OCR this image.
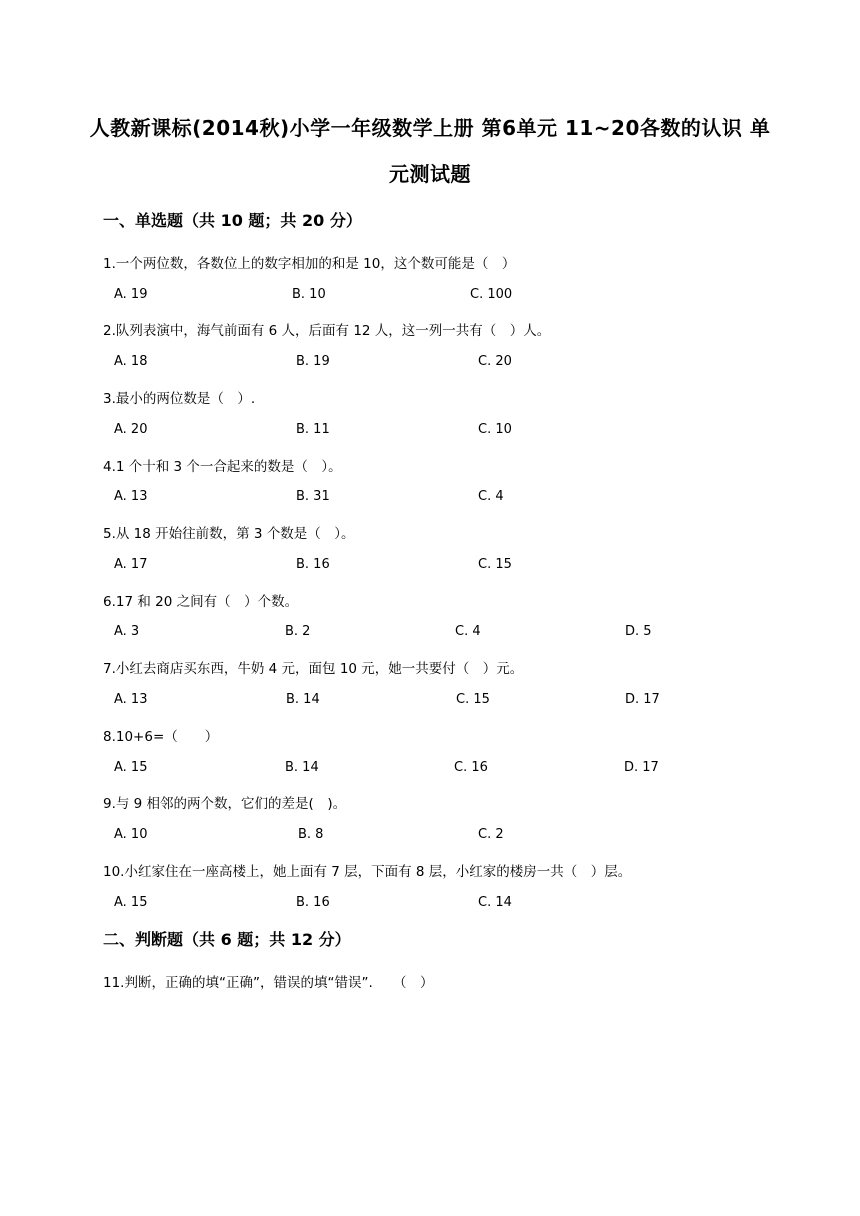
人教新课标(2014秋)小学一年级数学上册 第6单元 11~20各数的认识 单
元测试题
一、单选题（共 10 题；共 20 分）
1.一个两位数，各数位上的数字相加的和是 10，这个数可能是（　）
A. 19	B. 10	C. 100
2.队列表演中，海气前面有 6 人，后面有 12 人，这一列一共有（　）人。
A. 18	B. 19	C. 20
3.最小的两位数是（　）.
A. 20	B. 11	C. 10
4.1 个十和 3 个一合起来的数是（　）。
A. 13	B. 31	C. 4
5.从 18 开始往前数，第 3 个数是（　）。
A. 17	B. 16	C. 15
6.17 和 20 之间有（　）个数。
A. 3	B. 2	C. 4	D. 5
7.小红去商店买东西，牛奶 4 元，面包 10 元，她一共要付（　）元。
A. 13	B. 14	C. 15	D. 17
8.10+6=（　　）
A. 15	B. 14	C. 16	D. 17
9.与 9 相邻的两个数，它们的差是(　)。
A. 10	B. 8	C. 2
10.小红家住在一座高楼上，她上面有 7 层，下面有 8 层，小红家的楼房一共（　）层。
A. 15	B. 16	C. 14
二、判断题（共 6 题；共 12 分）
11.判断，正确的填“正确”，错误的填“错误”.　　（　）
